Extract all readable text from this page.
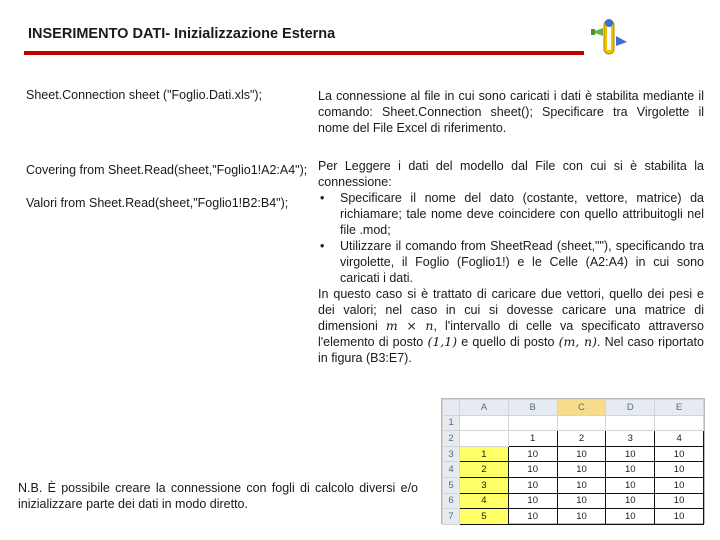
INSERIMENTO DATI- Inizializzazione Esterna
Sheet.Connection sheet ("Foglio.Dati.xls");
Covering from Sheet.Read(sheet,"Foglio1!A2:A4");
Valori from Sheet.Read(sheet,"Foglio1!B2:B4");
La connessione al file in cui sono caricati i dati è stabilita mediante il comando: Sheet.Connection sheet(); Specificare tra Virgolette il nome del File Excel di riferimento.
Per Leggere i dati del modello dal File con cui si è stabilita la connessione:
• Specificare il nome del dato (costante, vettore, matrice) da richiamare; tale nome deve coincidere con quello attribuitogli nel file .mod;
• Utilizzare il comando from SheetRead (sheet,""), specificando tra virgolette, il Foglio (Foglio1!) e le Celle (A2:A4) in cui sono caricati i dati.
In questo caso si è trattato di caricare due vettori, quello dei pesi e dei valori; nel caso in cui si dovesse caricare una matrice di dimensioni m × n, l'intervallo di celle va specificato attraverso l'elemento di posto (1,1) e quello di posto (m, n). Nel caso riportato in figura (B3:E7).
	A	B	C	D	E
1					
2		1	2	3	4
3	1	10	10	10	10
4	2	10	10	10	10
5	3	10	10	10	10
6	4	10	10	10	10
7	5	10	10	10	10
N.B. È possibile creare la connessione con fogli di calcolo diversi e/o inizializzare parte dei dati in modo diretto.
